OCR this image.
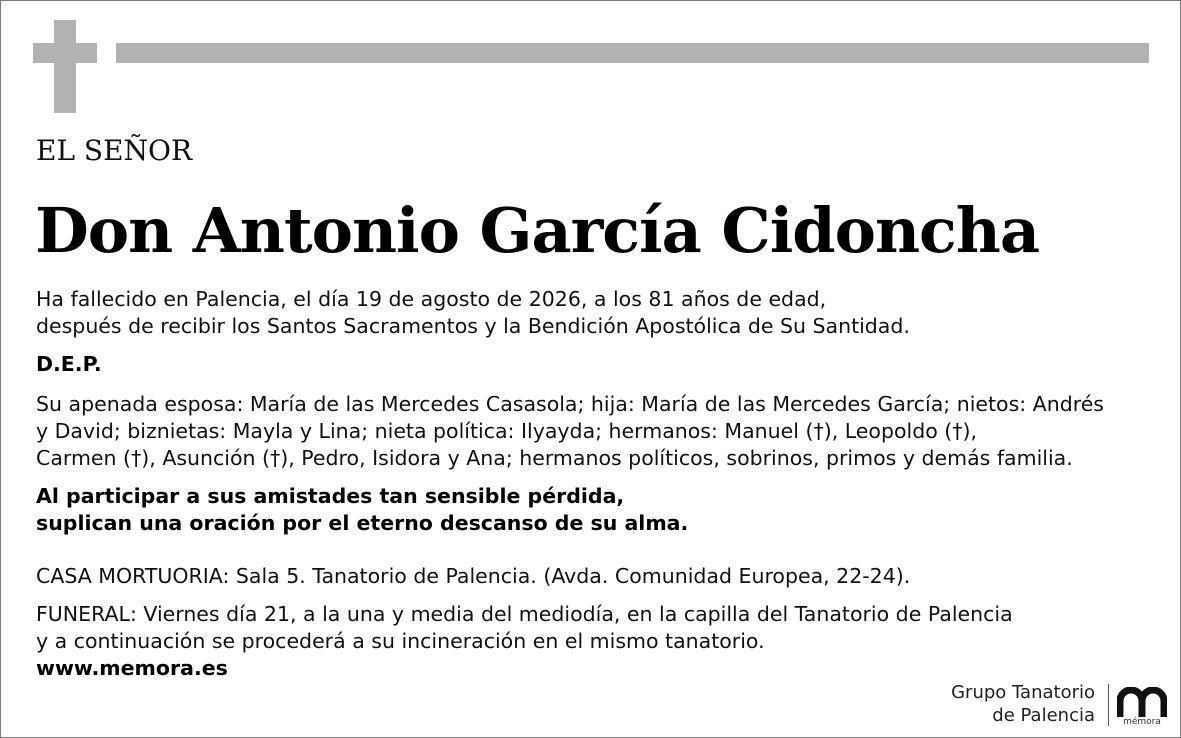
EL SEÑOR
Don Antonio García Cidoncha
Ha fallecido en Palencia, el día 19 de agosto de 2026, a los 81 años de edad,
después de recibir los Santos Sacramentos y la Bendición Apostólica de Su Santidad.
D.E.P.
Su apenada esposa: María de las Mercedes Casasola; hija: María de las Mercedes García; nietos: Andrés
y David; biznietas: Mayla y Lina; nieta política: Ilyayda; hermanos: Manuel (†), Leopoldo (†),
Carmen (†), Asunción (†), Pedro, Isidora y Ana; hermanos políticos, sobrinos, primos y demás familia.
Al participar a sus amistades tan sensible pérdida,
suplican una oración por el eterno descanso de su alma.
CASA MORTUORIA: Sala 5. Tanatorio de Palencia. (Avda. Comunidad Europea, 22-24).
FUNERAL: Viernes día 21, a la una y media del mediodía, en la capilla del Tanatorio de Palencia
y a continuación se procederá a su incineración en el mismo tanatorio.
www.memora.es
Grupo Tanatorio
de Palencia	mémora
